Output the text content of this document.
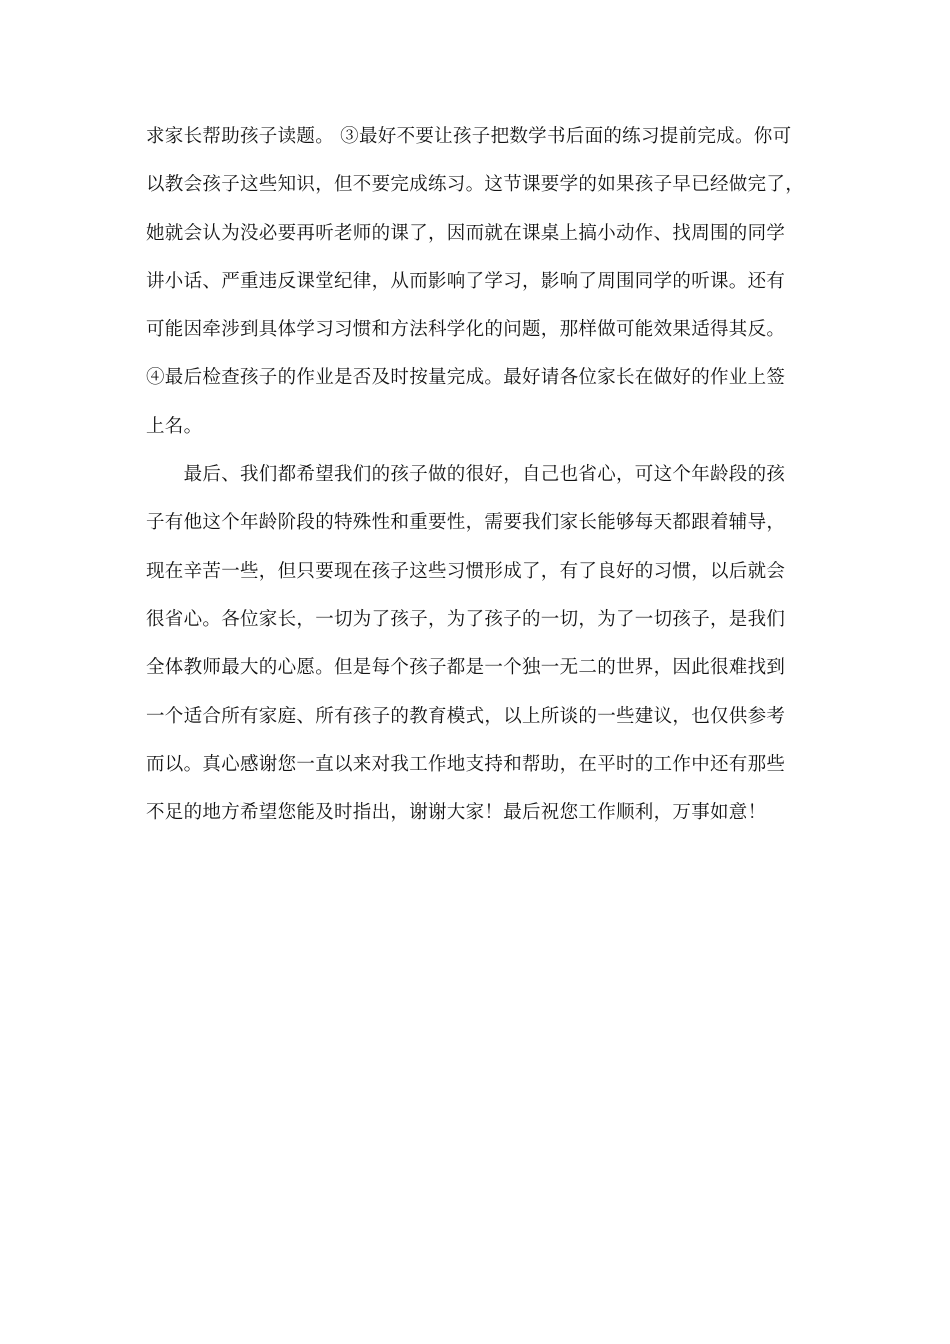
求家长帮助孩子读题。 ③最好不要让孩子把数学书后面的练习提前完成。你可
以教会孩子这些知识，但不要完成练习。这节课要学的如果孩子早已经做完了，
她就会认为没必要再听老师的课了，因而就在课桌上搞小动作、找周围的同学
讲小话、严重违反课堂纪律，从而影响了学习，影响了周围同学的听课。还有
可能因牵涉到具体学习习惯和方法科学化的问题，那样做可能效果适得其反。
④最后检查孩子的作业是否及时按量完成。最好请各位家长在做好的作业上签
上名。
　　最后、我们都希望我们的孩子做的很好，自己也省心，可这个年龄段的孩
子有他这个年龄阶段的特殊性和重要性，需要我们家长能够每天都跟着辅导，
现在辛苦一些，但只要现在孩子这些习惯形成了，有了良好的习惯，以后就会
很省心。各位家长，一切为了孩子，为了孩子的一切，为了一切孩子，是我们
全体教师最大的心愿。但是每个孩子都是一个独一无二的世界，因此很难找到
一个适合所有家庭、所有孩子的教育模式，以上所谈的一些建议，也仅供参考
而以。真心感谢您一直以来对我工作地支持和帮助，在平时的工作中还有那些
不足的地方希望您能及时指出，谢谢大家！最后祝您工作顺利，万事如意！
